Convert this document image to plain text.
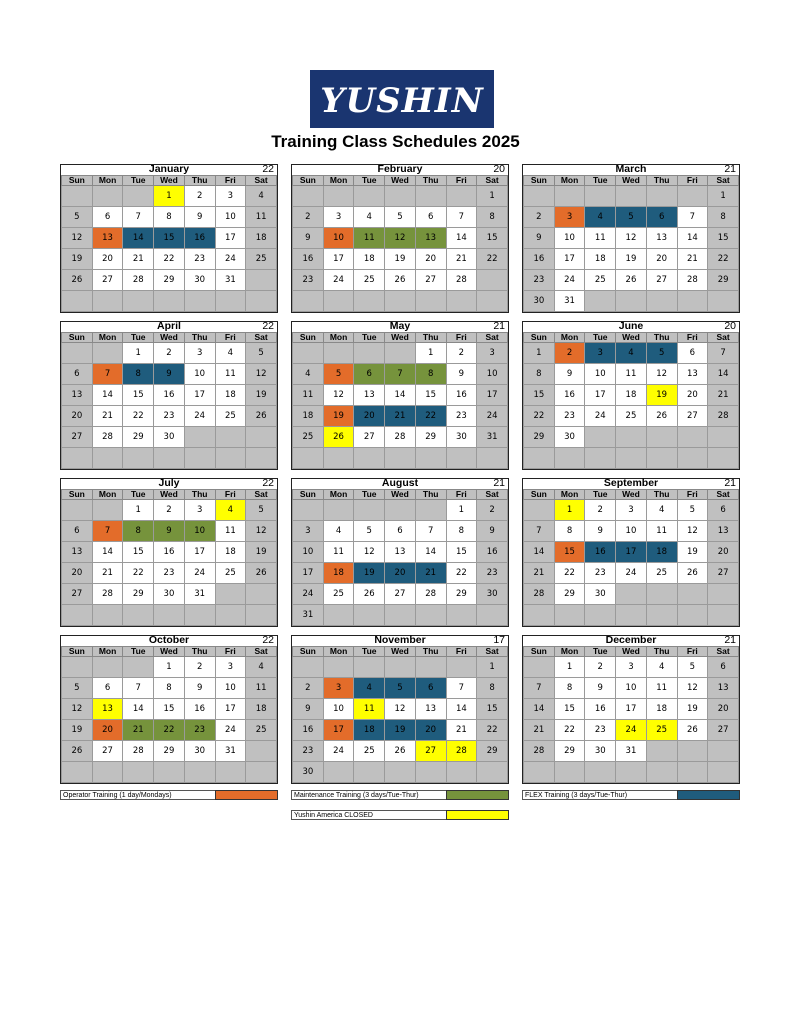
YUSHIN
Training Class Schedules 2025
January	22
Sun	Mon	Tue	Wed	Thu	Fri	Sat
			1	2	3	4
5	6	7	8	9	10	11
12	13	14	15	16	17	18
19	20	21	22	23	24	25
26	27	28	29	30	31	

February	20
Sun	Mon	Tue	Wed	Thu	Fri	Sat
						1
2	3	4	5	6	7	8
9	10	11	12	13	14	15
16	17	18	19	20	21	22
23	24	25	26	27	28	

March	21
Sun	Mon	Tue	Wed	Thu	Fri	Sat
						1
2	3	4	5	6	7	8
9	10	11	12	13	14	15
16	17	18	19	20	21	22
23	24	25	26	27	28	29
30	31					
April	22
Sun	Mon	Tue	Wed	Thu	Fri	Sat
		1	2	3	4	5
6	7	8	9	10	11	12
13	14	15	16	17	18	19
20	21	22	23	24	25	26
27	28	29	30			

May	21
Sun	Mon	Tue	Wed	Thu	Fri	Sat
				1	2	3
4	5	6	7	8	9	10
11	12	13	14	15	16	17
18	19	20	21	22	23	24
25	26	27	28	29	30	31

June	20
Sun	Mon	Tue	Wed	Thu	Fri	Sat
1	2	3	4	5	6	7
8	9	10	11	12	13	14
15	16	17	18	19	20	21
22	23	24	25	26	27	28
29	30					

July	22
Sun	Mon	Tue	Wed	Thu	Fri	Sat
		1	2	3	4	5
6	7	8	9	10	11	12
13	14	15	16	17	18	19
20	21	22	23	24	25	26
27	28	29	30	31		

August	21
Sun	Mon	Tue	Wed	Thu	Fri	Sat
					1	2
3	4	5	6	7	8	9
10	11	12	13	14	15	16
17	18	19	20	21	22	23
24	25	26	27	28	29	30
31						
September	21
Sun	Mon	Tue	Wed	Thu	Fri	Sat
	1	2	3	4	5	6
7	8	9	10	11	12	13
14	15	16	17	18	19	20
21	22	23	24	25	26	27
28	29	30				

October	22
Sun	Mon	Tue	Wed	Thu	Fri	Sat
			1	2	3	4
5	6	7	8	9	10	11
12	13	14	15	16	17	18
19	20	21	22	23	24	25
26	27	28	29	30	31	

November	17
Sun	Mon	Tue	Wed	Thu	Fri	Sat
						1
2	3	4	5	6	7	8
9	10	11	12	13	14	15
16	17	18	19	20	21	22
23	24	25	26	27	28	29
30						
December	21
Sun	Mon	Tue	Wed	Thu	Fri	Sat
	1	2	3	4	5	6
7	8	9	10	11	12	13
14	15	16	17	18	19	20
21	22	23	24	25	26	27
28	29	30	31			

Operator Training (1 day/Mondays)	Maintenance Training (3 days/Tue-Thur)	FLEX Training (3 days/Tue-Thur)
Yushin America CLOSED
